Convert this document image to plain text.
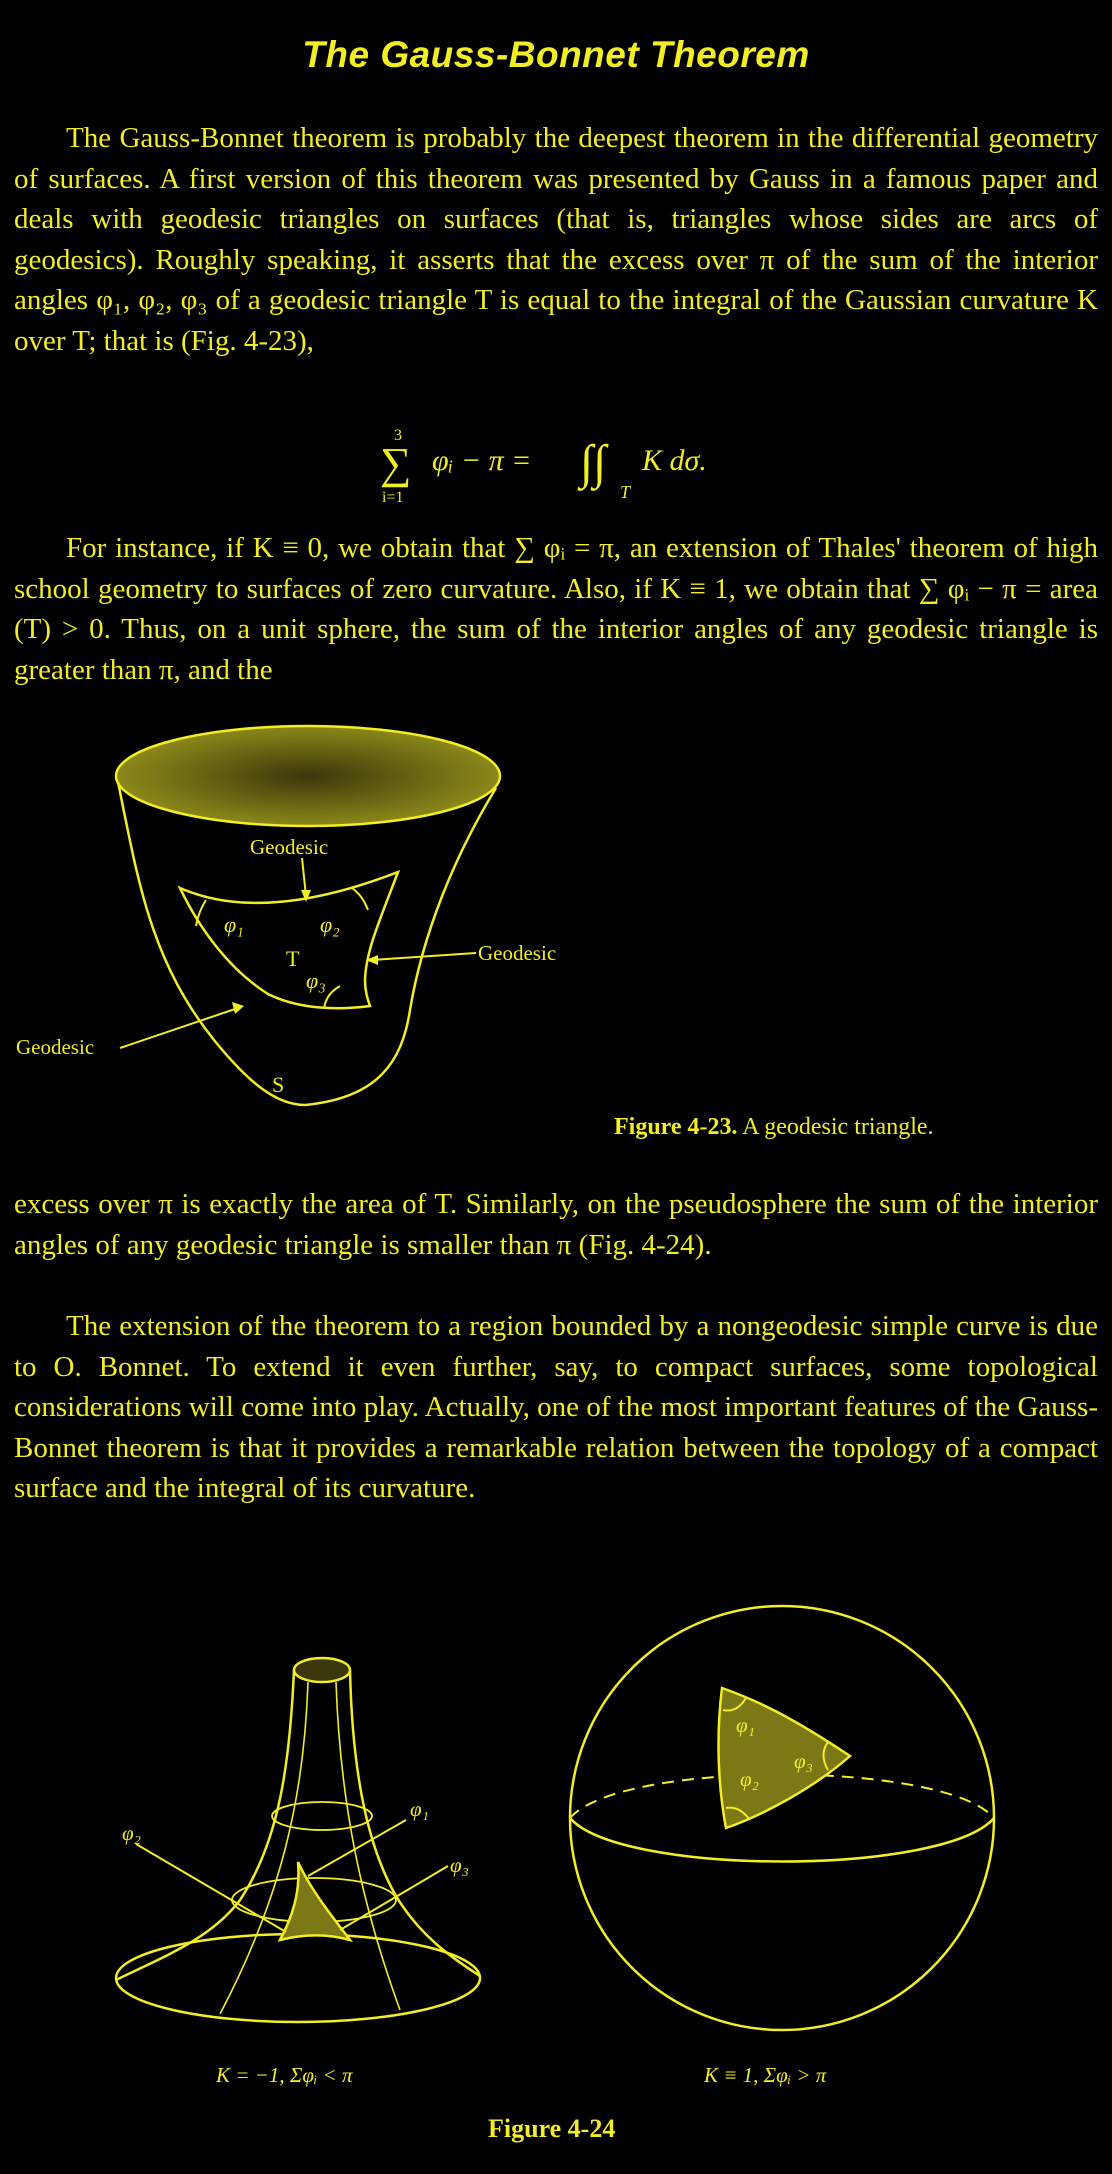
The Gauss-Bonnet Theorem

The Gauss-Bonnet theorem is probably the deepest theorem in the differential geometry of surfaces. A first version of this theorem was presented by Gauss in a famous paper and deals with geodesic triangles on surfaces (that is, triangles whose sides are arcs of geodesics). Roughly speaking, it asserts that the excess over π of the sum of the interior angles φ₁, φ₂, φ₃ of a geodesic triangle T is equal to the integral of the Gaussian curvature K over T; that is (Fig. 4-23),

3
∑
i=1
φᵢ − π = ∫∫
T
K dσ.

For instance, if K ≡ 0, we obtain that ∑ φᵢ = π, an extension of Thales' theorem of high school geometry to surfaces of zero curvature. Also, if K ≡ 1, we obtain that ∑ φᵢ − π = area (T) > 0. Thus, on a unit sphere, the sum of the interior angles of any geodesic triangle is greater than π, and the

Geodesic
Geodesic
Geodesic
φ₁	φ₂
φ₃
T
S
Figure 4-23. A geodesic triangle.

excess over π is exactly the area of T. Similarly, on the pseudosphere the sum of the interior angles of any geodesic triangle is smaller than π (Fig. 4-24).

The extension of the theorem to a region bounded by a nongeodesic simple curve is due to O. Bonnet. To extend it even further, say, to compact surfaces, some topological considerations will come into play. Actually, one of the most important features of the Gauss-Bonnet theorem is that it provides a remarkable relation between the topology of a compact surface and the integral of its curvature.

φ₁
φ₂
φ₃
K = −1, Σφᵢ < π
φ₁
φ₂
φ₃
K ≡ 1, Σφᵢ > π
Figure 4-24
